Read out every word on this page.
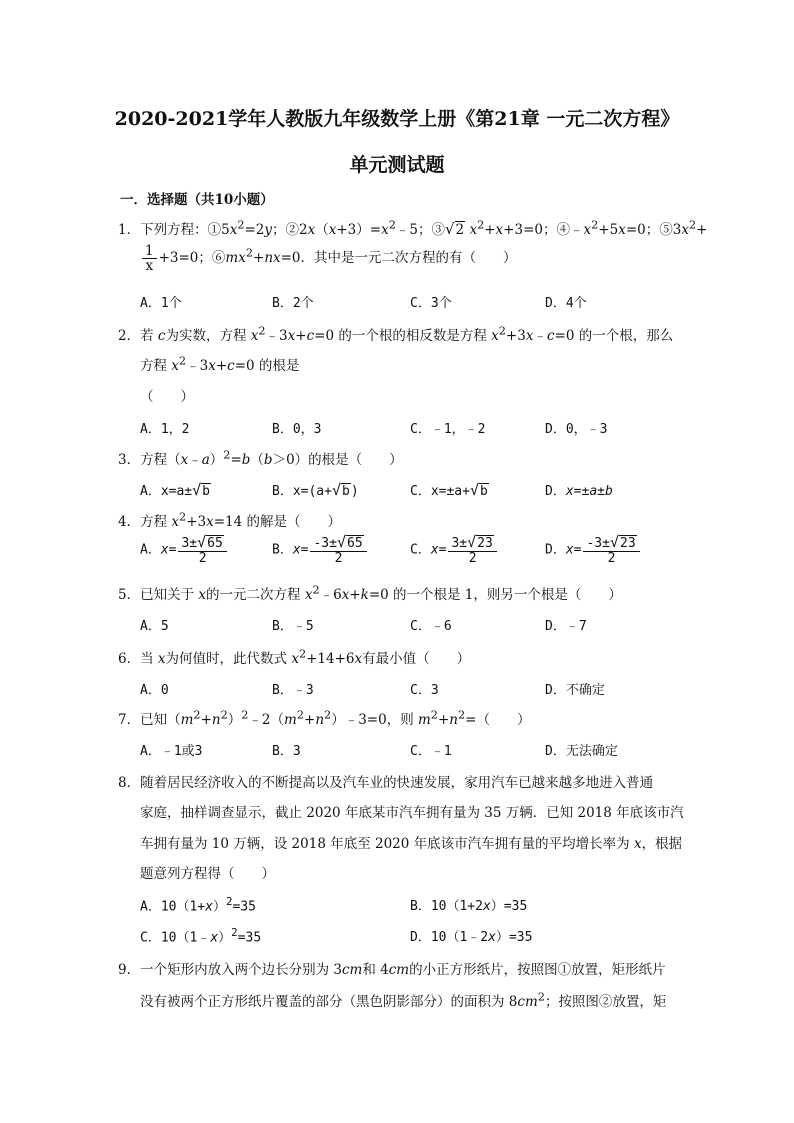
2020-2021学年人教版九年级数学上册《第21章 一元二次方程》
单元测试题
一．选择题（共10小题）
1．下列方程：$①5x^2=2y$；$②2x(x+3)=x^2﹣5$；③√2 $x^2+x+3=0$；$④﹣x^2+5x=0$；$⑤3x^2+$
$\frac{1}{x} +3=0$；$⑥mx^2+nx=0$．其中是一元二次方程的有（　　）
A．1个	B．2个	C．3个	D．4个
2．若 c为实数，方程 $x^2﹣3x+c=0$ 的一个根的相反数是方程 $x^2+3x﹣c=0$ 的一个根，那么
方程 $x^2﹣3x+c=0$ 的根是
（　　）
A．1，2	B．0，3	C．﹣1，﹣2	D．0，﹣3
3．方程（x﹣a）$^2$=b（b＞0）的根是（　　）
A．x=a±√b	B．x=(a+√b)	C．x=±a+√b	D．x=±a±b
4．方程 $x^2+3x=14$ 的解是（　　）
A．$x= \frac{3\pm√65}{2}$	B．$x= \frac{-3\pm√65}{2}$	C．$x= \frac{3\pm√23}{2}$	D．$x= \frac{-3\pm√23}{2}$
5．已知关于 x的一元二次方程 $x^2﹣6x+k=0$ 的一个根是 1，则另一个根是（　　）
A．5	B．﹣5	C．﹣6	D．﹣7
6．当 x为何值时，此代数式 $x^2+14+6x$有最小值（　　）
A．0	B．﹣3	C．3	D．不确定
7．已知$(m^2+n^2)^2﹣2(m^2+n^2)﹣3=0$，则 $m^2+n^2=$（　　）
A．﹣1或3	B．3	C．﹣1	D．无法确定
8．随着居民经济收入的不断提高以及汽车业的快速发展，家用汽车已越来越多地进入普通
家庭，抽样调查显示，截止 2020 年底某市汽车拥有量为 35 万辆．已知 2018 年底该市汽
车拥有量为 10 万辆，设 2018 年底至 2020 年底该市汽车拥有量的平均增长率为 x，根据
题意列方程得（　　）
A．$10(1+x)^2=35$	B．10（1+2x）=35
C．10（1﹣x）$^2$=35	D．10（1﹣2x）=35
9．一个矩形内放入两个边长分别为 3cm和 4cm的小正方形纸片，按照图①放置，矩形纸片
没有被两个正方形纸片覆盖的部分（黑色阴影部分）的面积为 $8cm^2$；按照图②放置，矩
